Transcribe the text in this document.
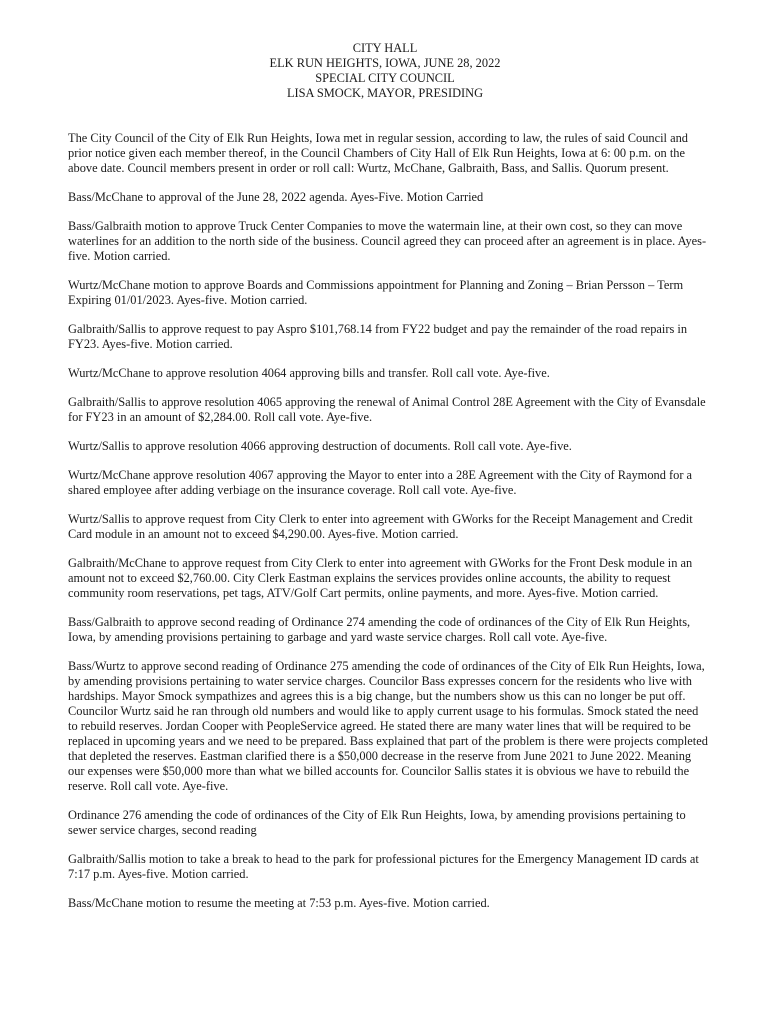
CITY HALL
ELK RUN HEIGHTS, IOWA, JUNE 28, 2022
SPECIAL CITY COUNCIL
LISA SMOCK, MAYOR, PRESIDING

The City Council of the City of Elk Run Heights, Iowa met in regular session, according to law, the rules of said Council and prior notice given each member thereof, in the Council Chambers of City Hall of Elk Run Heights, Iowa at 6: 00 p.m. on the above date. Council members present in order or roll call: Wurtz, McChane, Galbraith, Bass, and Sallis. Quorum present.

Bass/McChane to approval of the June 28, 2022 agenda. Ayes-Five. Motion Carried

Bass/Galbraith motion to approve Truck Center Companies to move the watermain line, at their own cost, so they can move waterlines for an addition to the north side of the business. Council agreed they can proceed after an agreement is in place. Ayes-five. Motion carried.

Wurtz/McChane motion to approve Boards and Commissions appointment for Planning and Zoning – Brian Persson – Term Expiring 01/01/2023. Ayes-five. Motion carried.

Galbraith/Sallis to approve request to pay Aspro $101,768.14 from FY22 budget and pay the remainder of the road repairs in FY23. Ayes-five. Motion carried.

Wurtz/McChane to approve resolution 4064 approving bills and transfer. Roll call vote. Aye-five.

Galbraith/Sallis to approve resolution 4065 approving the renewal of Animal Control 28E Agreement with the City of Evansdale for FY23 in an amount of $2,284.00. Roll call vote. Aye-five.

Wurtz/Sallis to approve resolution 4066 approving destruction of documents. Roll call vote. Aye-five.

Wurtz/McChane approve resolution 4067 approving the Mayor to enter into a 28E Agreement with the City of Raymond for a shared employee after adding verbiage on the insurance coverage. Roll call vote. Aye-five.

Wurtz/Sallis to approve request from City Clerk to enter into agreement with GWorks for the Receipt Management and Credit Card module in an amount not to exceed $4,290.00. Ayes-five. Motion carried.

Galbraith/McChane to approve request from City Clerk to enter into agreement with GWorks for the Front Desk module in an amount not to exceed $2,760.00. City Clerk Eastman explains the services provides online accounts, the ability to request community room reservations, pet tags, ATV/Golf Cart permits, online payments, and more. Ayes-five. Motion carried.

Bass/Galbraith to approve second reading of Ordinance 274 amending the code of ordinances of the City of Elk Run Heights, Iowa, by amending provisions pertaining to garbage and yard waste service charges. Roll call vote. Aye-five.

Bass/Wurtz to approve second reading of Ordinance 275 amending the code of ordinances of the City of Elk Run Heights, Iowa, by amending provisions pertaining to water service charges. Councilor Bass expresses concern for the residents who live with hardships. Mayor Smock sympathizes and agrees this is a big change, but the numbers show us this can no longer be put off. Councilor Wurtz said he ran through old numbers and would like to apply current usage to his formulas. Smock stated the need to rebuild reserves. Jordan Cooper with PeopleService agreed. He stated there are many water lines that will be required to be replaced in upcoming years and we need to be prepared. Bass explained that part of the problem is there were projects completed that depleted the reserves. Eastman clarified there is a $50,000 decrease in the reserve from June 2021 to June 2022. Meaning our expenses were $50,000 more than what we billed accounts for. Councilor Sallis states it is obvious we have to rebuild the reserve. Roll call vote. Aye-five.

Ordinance 276 amending the code of ordinances of the City of Elk Run Heights, Iowa, by amending provisions pertaining to sewer service charges, second reading

Galbraith/Sallis motion to take a break to head to the park for professional pictures for the Emergency Management ID cards at 7:17 p.m. Ayes-five. Motion carried.

Bass/McChane motion to resume the meeting at 7:53 p.m. Ayes-five. Motion carried.
